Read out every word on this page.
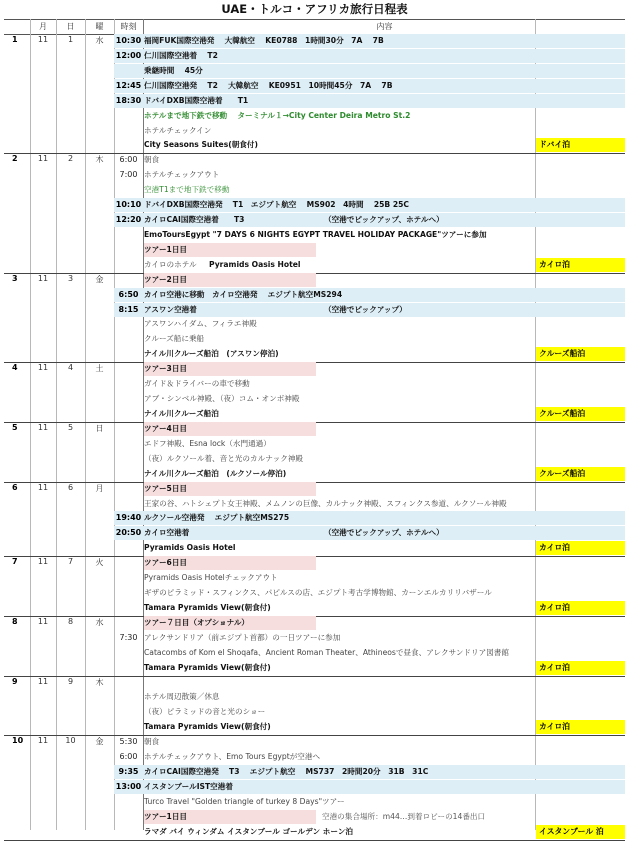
UAE・トルコ・アフリカ旅行日程表
月	日	曜	時刻	内容
1	11	1	水	10:30 福岡FUK国際空港発　 大韓航空　 KE0788　1時間30分　7A　 7B
12:00 仁川国際空港着　 T2
乗継時間　 45分
12:45 仁川国際空港発　 T2　 大韓航空　 KE0951　10時間45分　7A　 7B
18:30 ドバイDXB国際空港着　　T1
ホテルまで地下鉄で移動　 ターミナル１→City Center Deira Metro St.2
ホテルチェックイン
City Seasons Suites(朝食付)	ドバイ泊
2	11	2	木	6:00 朝食
7:00 ホテルチェックアウト
空港T1まで地下鉄で移動
10:10 ドバイDXB国際空港発　 T1　エジプト航空　 MS902　4時間　 25B 25C
12:20 カイロCAI国際空港着　　T3	（空港でピックアップ、ホテルへ）
EmoToursEgypt "7 DAYS 6 NIGHTS EGYPT TRAVEL HOLIDAY PACKAGE"ツアーに参加
ツアー1日目
カイロのホテル Pyramids Oasis Hotel	カイロ泊
3	11	3	金	ツアー2日目
6:50 カイロ空港に移動　カイロ空港発　 エジプト航空MS294
8:15 アスワン空港着	（空港でピックアップ）
アスワンハイダム、フィラエ神殿
クルーズ船に乗船
ナイル川クルーズ船泊　(アスワン停泊)	クルーズ船泊
4	11	4	土	ツアー3日目
ガイド＆ドライバーの車で移動
アブ・シンベル神殿、（夜）コム・オンボ神殿
ナイル川クルーズ船泊	クルーズ船泊
5	11	5	日	ツアー4日目
エドフ神殿、Esna lock（水門通過）
（夜）ルクソール着、音と光のカルナック神殿
ナイル川クルーズ船泊　(ルクソール停泊)	クルーズ船泊
6	11	6	月	ツアー5日目
王家の谷、ハトシェプト女王神殿、メムノンの巨像、カルナック神殿、スフィンクス参道、ルクソール神殿
19:40 ルクソール空港発　 エジプト航空MS275
20:50 カイロ空港着	（空港でピックアップ、ホテルへ）
Pyramids Oasis Hotel	カイロ泊
7	11	7	火	ツアー6日目
Pyramids Oasis Hotelチェックアウト
ギザのピラミッド・スフィンクス、パピルスの店、エジプト考古学博物館、カーンエルカリリバザール
Tamara Pyramids View(朝食付)	カイロ泊
8	11	8	水	ツアー７日目（オプショナル）
7:30 アレクサンドリア（前エジプト首都）の一日ツアーに参加
Catacombs of Kom el Shoqafa、Ancient Roman Theater、Athineosで昼食、アレクサンドリア図書館
Tamara Pyramids View(朝食付)	カイロ泊
9	11	9	木
ホテル周辺散策／休息
（夜）ピラミッドの音と光のショー
Tamara Pyramids View(朝食付)	カイロ泊
10	11	10	金	5:30 朝食
6:00 ホテルチェックアウト、Emo Tours Egyptが空港へ
9:35 カイロCAI国際空港発　 T3　 エジプト航空　 MS737　2時間20分　31B　31C
13:00 イスタンブールIST空港着
Turco Travel "Golden triangle of turkey 8 Days"ツアー
ツアー1日目	空港の集合場所：m44…到着ロビーの14番出口
ラマダ バイ ウィンダム イスタンブール ゴールデン ホーン泊	イスタンブール 泊
